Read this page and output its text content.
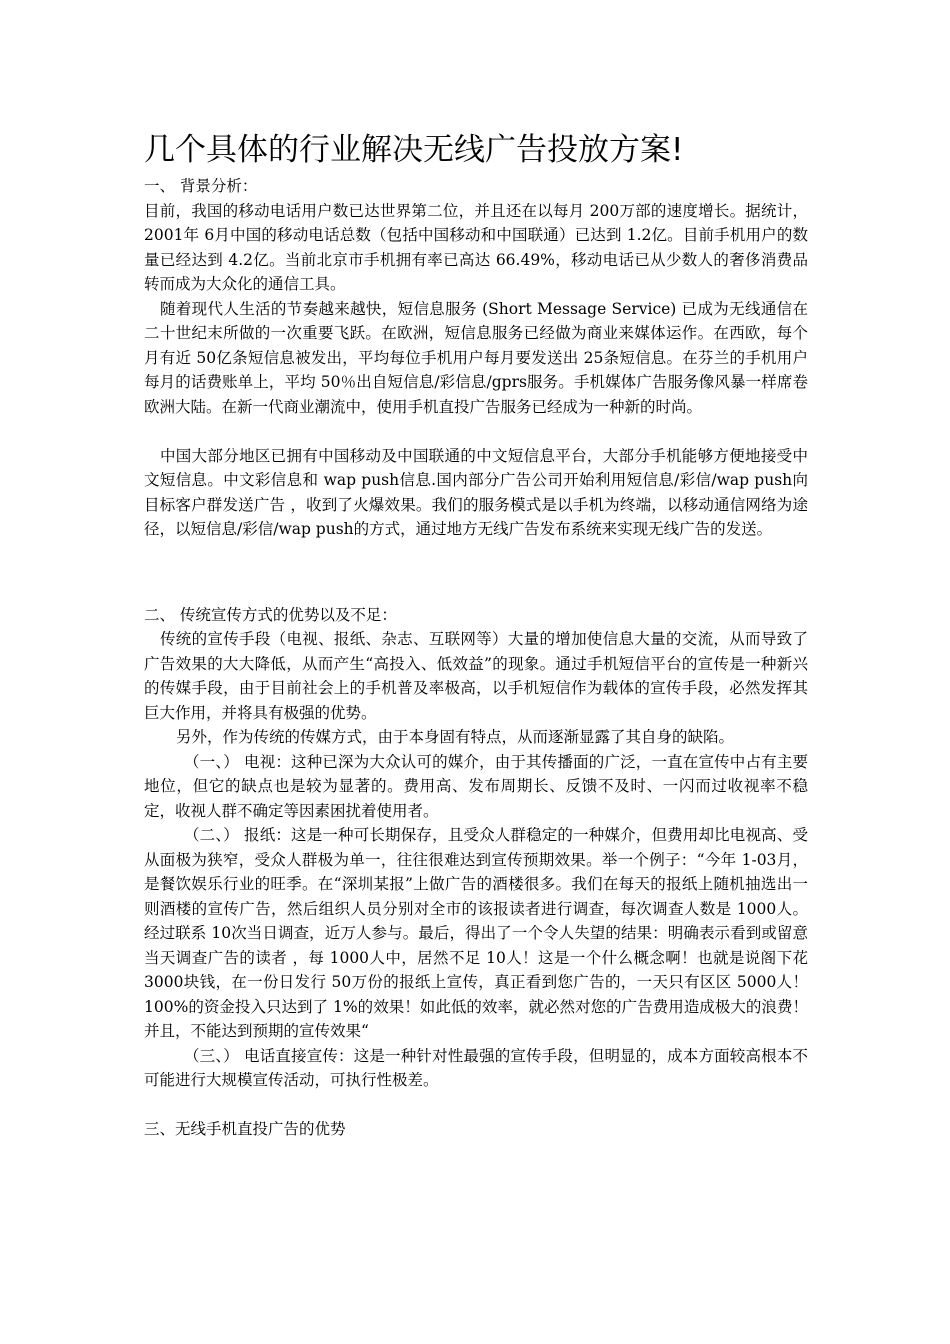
几个具体的行业解决无线广告投放方案!

一、 背景分析：

目前，我国的移动电话用户数已达世界第二位，并且还在以每月 200万部的速度增长。据统计， 2001年 6月中国的移动电话总数（包括中国移动和中国联通）已达到 1.2亿。目前手机用户的数量已经达到 4.2亿。当前北京市手机拥有率已高达 66.49%，移动电话已从少数人的奢侈消费品转而成为大众化的通信工具。

随着现代人生活的节奏越来越快，短信息服务 (Short Message Service) 已成为无线通信在二十世纪末所做的一次重要飞跃。在欧洲，短信息服务已经做为商业来媒体运作。在西欧，每个月有近 50亿条短信息被发出，平均每位手机用户每月要发送出 25条短信息。在芬兰的手机用户每月的话费账单上，平均 50％出自短信息/彩信息/gprs服务。手机媒体广告服务像风暴一样席卷欧洲大陆。在新一代商业潮流中，使用手机直投广告服务已经成为一种新的时尚。

中国大部分地区已拥有中国移动及中国联通的中文短信息平台，大部分手机能够方便地接受中文短信息。中文彩信息和 wap push信息.国内部分广告公司开始利用短信息/彩信/wap push向目标客户群发送广告 ，收到了火爆效果。我们的服务模式是以手机为终端，以移动通信网络为途径，以短信息/彩信/wap push的方式，通过地方无线广告发布系统来实现无线广告的发送。

二、 传统宣传方式的优势以及不足：

传统的宣传手段（电视、报纸、杂志、互联网等）大量的增加使信息大量的交流，从而导致了广告效果的大大降低，从而产生“高投入、低效益”的现象。通过手机短信平台的宣传是一种新兴的传媒手段，由于目前社会上的手机普及率极高，以手机短信作为载体的宣传手段，必然发挥其巨大作用，并将具有极强的优势。

另外，作为传统的传媒方式，由于本身固有特点，从而逐渐显露了其自身的缺陷。

（一、） 电视：这种已深为大众认可的媒介，由于其传播面的广泛，一直在宣传中占有主要地位，但它的缺点也是较为显著的。费用高、发布周期长、反馈不及时、一闪而过收视率不稳定，收视人群不确定等因素困扰着使用者。

（二、） 报纸：这是一种可长期保存，且受众人群稳定的一种媒介，但费用却比电视高、受从面极为狭窄，受众人群极为单一，往往很难达到宣传预期效果。举一个例子：“今年 1-03月，是餐饮娱乐行业的旺季。在“深圳某报”上做广告的酒楼很多。我们在每天的报纸上随机抽选出一则酒楼的宣传广告，然后组织人员分别对全市的该报读者进行调查，每次调查人数是 1000人。经过联系 10次当日调查，近万人参与。最后，得出了一个令人失望的结果：明确表示看到或留意当天调查广告的读者 ，每 1000人中，居然不足 10人！这是一个什么概念啊！也就是说阁下花 3000块钱，在一份日发行 50万份的报纸上宣传，真正看到您广告的，一天只有区区 5000人！ 100%的资金投入只达到了 1%的效果！如此低的效率，就必然对您的广告费用造成极大的浪费！并且，不能达到预期的宣传效果“

（三、） 电话直接宣传：这是一种针对性最强的宣传手段，但明显的，成本方面较高根本不可能进行大规模宣传活动，可执行性极差。

三、无线手机直投广告的优势
